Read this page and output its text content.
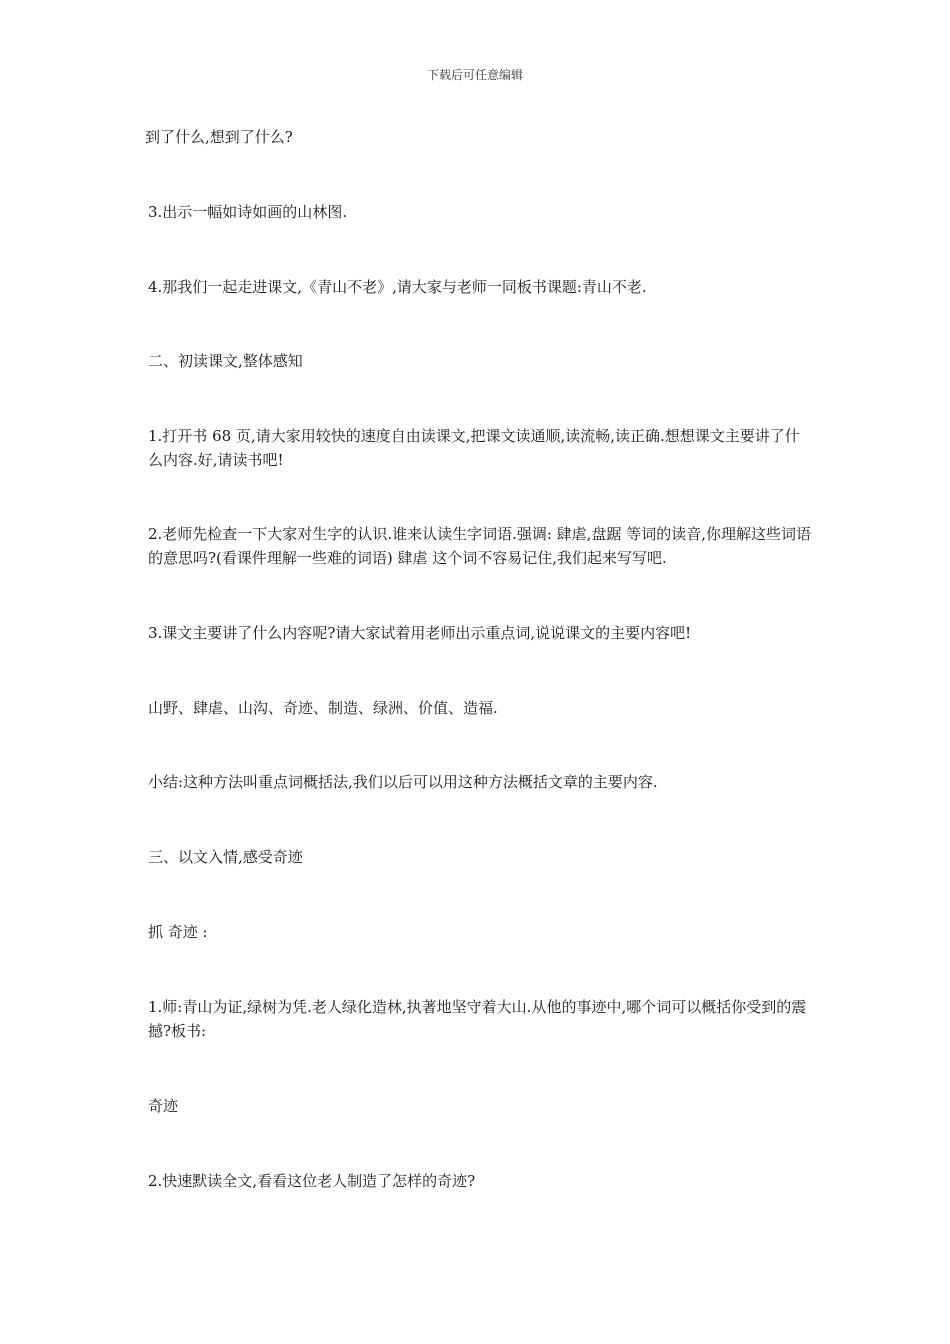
下载后可任意编辑

到了什么,想到了什么?

3.出示一幅如诗如画的山林图.

4.那我们一起走进课文,《青山不老》,请大家与老师一同板书课题:青山不老.

二、初读课文,整体感知

1.打开书 68 页,请大家用较快的速度自由读课文,把课文读通顺,读流畅,读正确.想想课文主要讲了什么内容.好,请读书吧!

2.老师先检查一下大家对生字的认识.谁来认读生字词语.强调: 肆虐,盘踞 等词的读音,你理解这些词语的意思吗?(看课件理解一些难的词语) 肆虐 这个词不容易记住,我们起来写写吧.

3.课文主要讲了什么内容呢?请大家试着用老师出示重点词,说说课文的主要内容吧!

山野、肆虐、山沟、奇迹、制造、绿洲、价值、造福.

小结:这种方法叫重点词概括法,我们以后可以用这种方法概括文章的主要内容.

三、以文入情,感受奇迹

抓 奇迹 :

1.师:青山为证,绿树为凭.老人绿化造林,执著地坚守着大山.从他的事迹中,哪个词可以概括你受到的震撼?板书:

奇迹

2.快速默读全文,看看这位老人制造了怎样的奇迹?
